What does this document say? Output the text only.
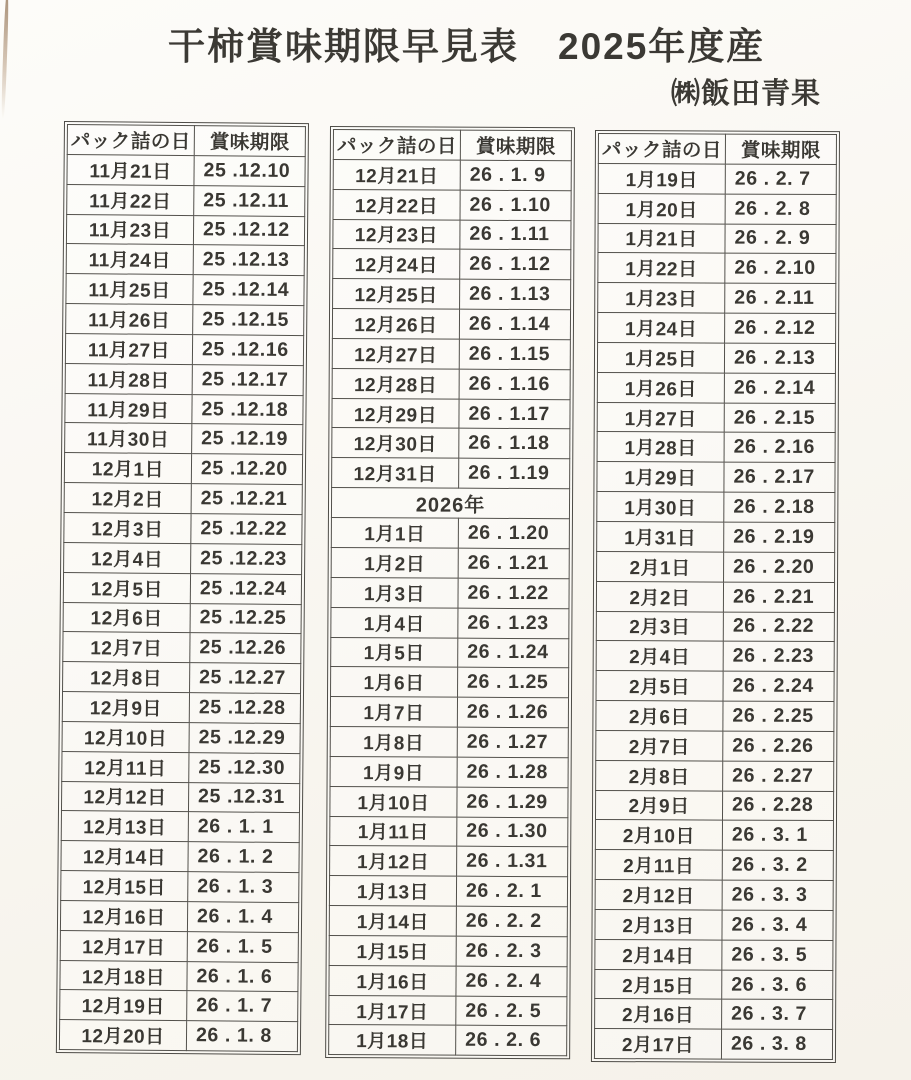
干柿賞味期限早見表　2025年度産
㈱飯田青果
パック詰の日	賞味期限
11月21日	25 .12.10
11月22日	25 .12.11
11月23日	25 .12.12
11月24日	25 .12.13
11月25日	25 .12.14
11月26日	25 .12.15
11月27日	25 .12.16
11月28日	25 .12.17
11月29日	25 .12.18
11月30日	25 .12.19
12月1日	25 .12.20
12月2日	25 .12.21
12月3日	25 .12.22
12月4日	25 .12.23
12月5日	25 .12.24
12月6日	25 .12.25
12月7日	25 .12.26
12月8日	25 .12.27
12月9日	25 .12.28
12月10日	25 .12.29
12月11日	25 .12.30
12月12日	25 .12.31
12月13日	26 . 1. 1
12月14日	26 . 1. 2
12月15日	26 . 1. 3
12月16日	26 . 1. 4
12月17日	26 . 1. 5
12月18日	26 . 1. 6
12月19日	26 . 1. 7
12月20日	26 . 1. 8
パック詰の日	賞味期限
12月21日	26 . 1. 9
12月22日	26 . 1.10
12月23日	26 . 1.11
12月24日	26 . 1.12
12月25日	26 . 1.13
12月26日	26 . 1.14
12月27日	26 . 1.15
12月28日	26 . 1.16
12月29日	26 . 1.17
12月30日	26 . 1.18
12月31日	26 . 1.19
2026年	
1月1日	26 . 1.20
1月2日	26 . 1.21
1月3日	26 . 1.22
1月4日	26 . 1.23
1月5日	26 . 1.24
1月6日	26 . 1.25
1月7日	26 . 1.26
1月8日	26 . 1.27
1月9日	26 . 1.28
1月10日	26 . 1.29
1月11日	26 . 1.30
1月12日	26 . 1.31
1月13日	26 . 2. 1
1月14日	26 . 2. 2
1月15日	26 . 2. 3
1月16日	26 . 2. 4
1月17日	26 . 2. 5
1月18日	26 . 2. 6
パック詰の日	賞味期限
1月19日	26 . 2. 7
1月20日	26 . 2. 8
1月21日	26 . 2. 9
1月22日	26 . 2.10
1月23日	26 . 2.11
1月24日	26 . 2.12
1月25日	26 . 2.13
1月26日	26 . 2.14
1月27日	26 . 2.15
1月28日	26 . 2.16
1月29日	26 . 2.17
1月30日	26 . 2.18
1月31日	26 . 2.19
2月1日	26 . 2.20
2月2日	26 . 2.21
2月3日	26 . 2.22
2月4日	26 . 2.23
2月5日	26 . 2.24
2月6日	26 . 2.25
2月7日	26 . 2.26
2月8日	26 . 2.27
2月9日	26 . 2.28
2月10日	26 . 3. 1
2月11日	26 . 3. 2
2月12日	26 . 3. 3
2月13日	26 . 3. 4
2月14日	26 . 3. 5
2月15日	26 . 3. 6
2月16日	26 . 3. 7
2月17日	26 . 3. 8
